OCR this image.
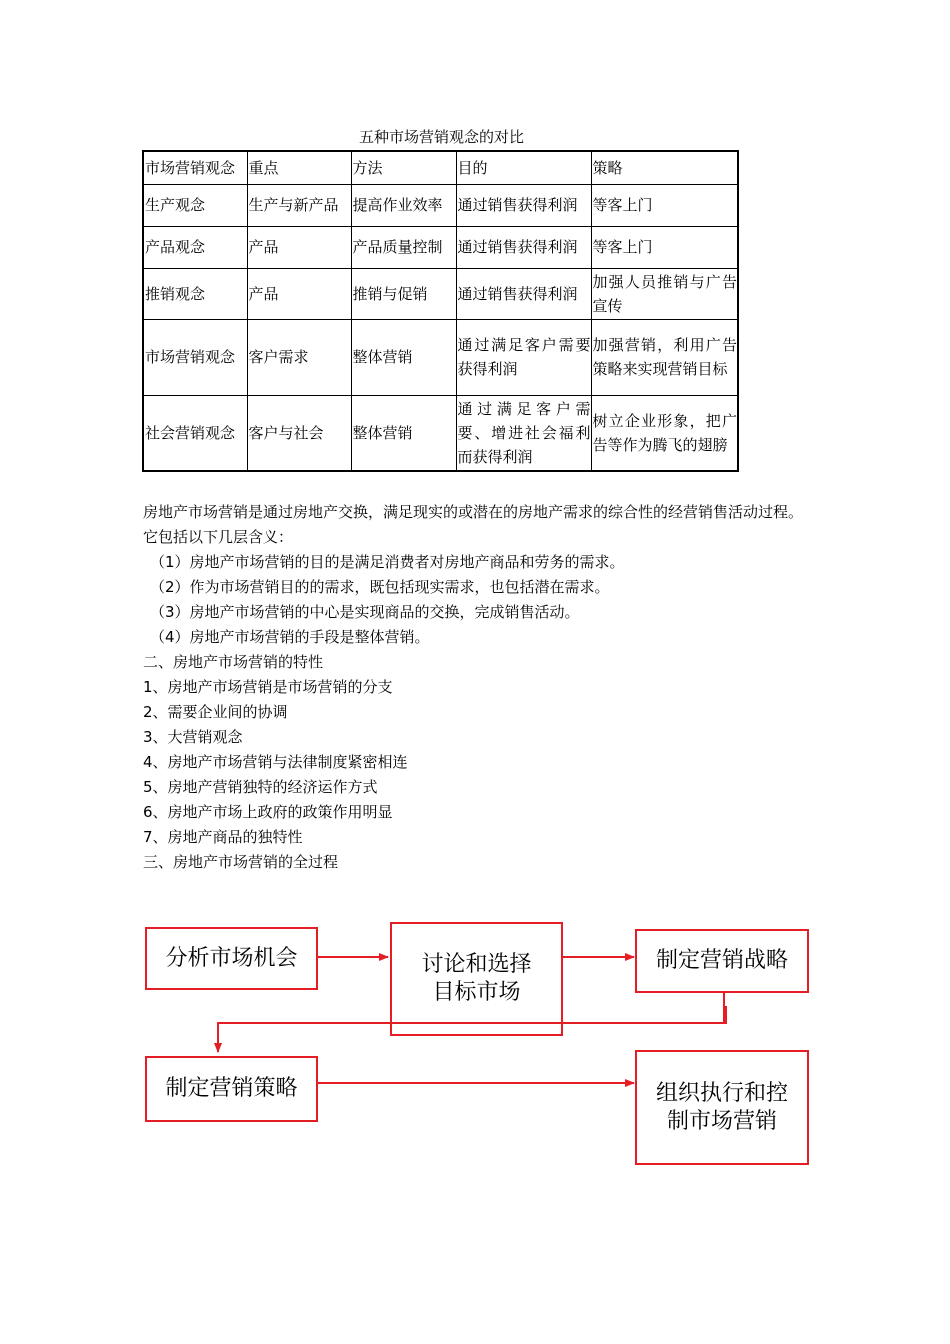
五种市场营销观念的对比
市场营销观念	重点	方法	目的	策略
生产观念	生产与新产品	提高作业效率	通过销售获得利润	等客上门
产品观念	产品	产品质量控制	通过销售获得利润	等客上门
推销观念	产品	推销与促销	通过销售获得利润	加强人员推销与广告宣传
市场营销观念	客户需求	整体营销	通过满足客户需要获得利润	加强营销，利用广告策略来实现营销目标
社会营销观念	客户与社会	整体营销	通过满足客户需要、增进社会福利而获得利润	树立企业形象，把广告等作为腾飞的翅膀

房地产市场营销是通过房地产交换，满足现实的或潜在的房地产需求的综合性的经营销售活动过程。

它包括以下几层含义：

（1）房地产市场营销的目的是满足消费者对房地产商品和劳务的需求。

（2）作为市场营销目的的需求，既包括现实需求，也包括潜在需求。

（3）房地产市场营销的中心是实现商品的交换，完成销售活动。

（4）房地产市场营销的手段是整体营销。

二、房地产市场营销的特性

1、房地产市场营销是市场营销的分支

2、需要企业间的协调

3、大营销观念

4、房地产市场营销与法律制度紧密相连

5、房地产营销独特的经济运作方式

6、房地产市场上政府的政策作用明显

7、房地产商品的独特性

三、房地产市场营销的全过程

分析市场机会	讨论和选择
目标市场
制定营销战略
制定营销策略	组织执行和控
制市场营销
